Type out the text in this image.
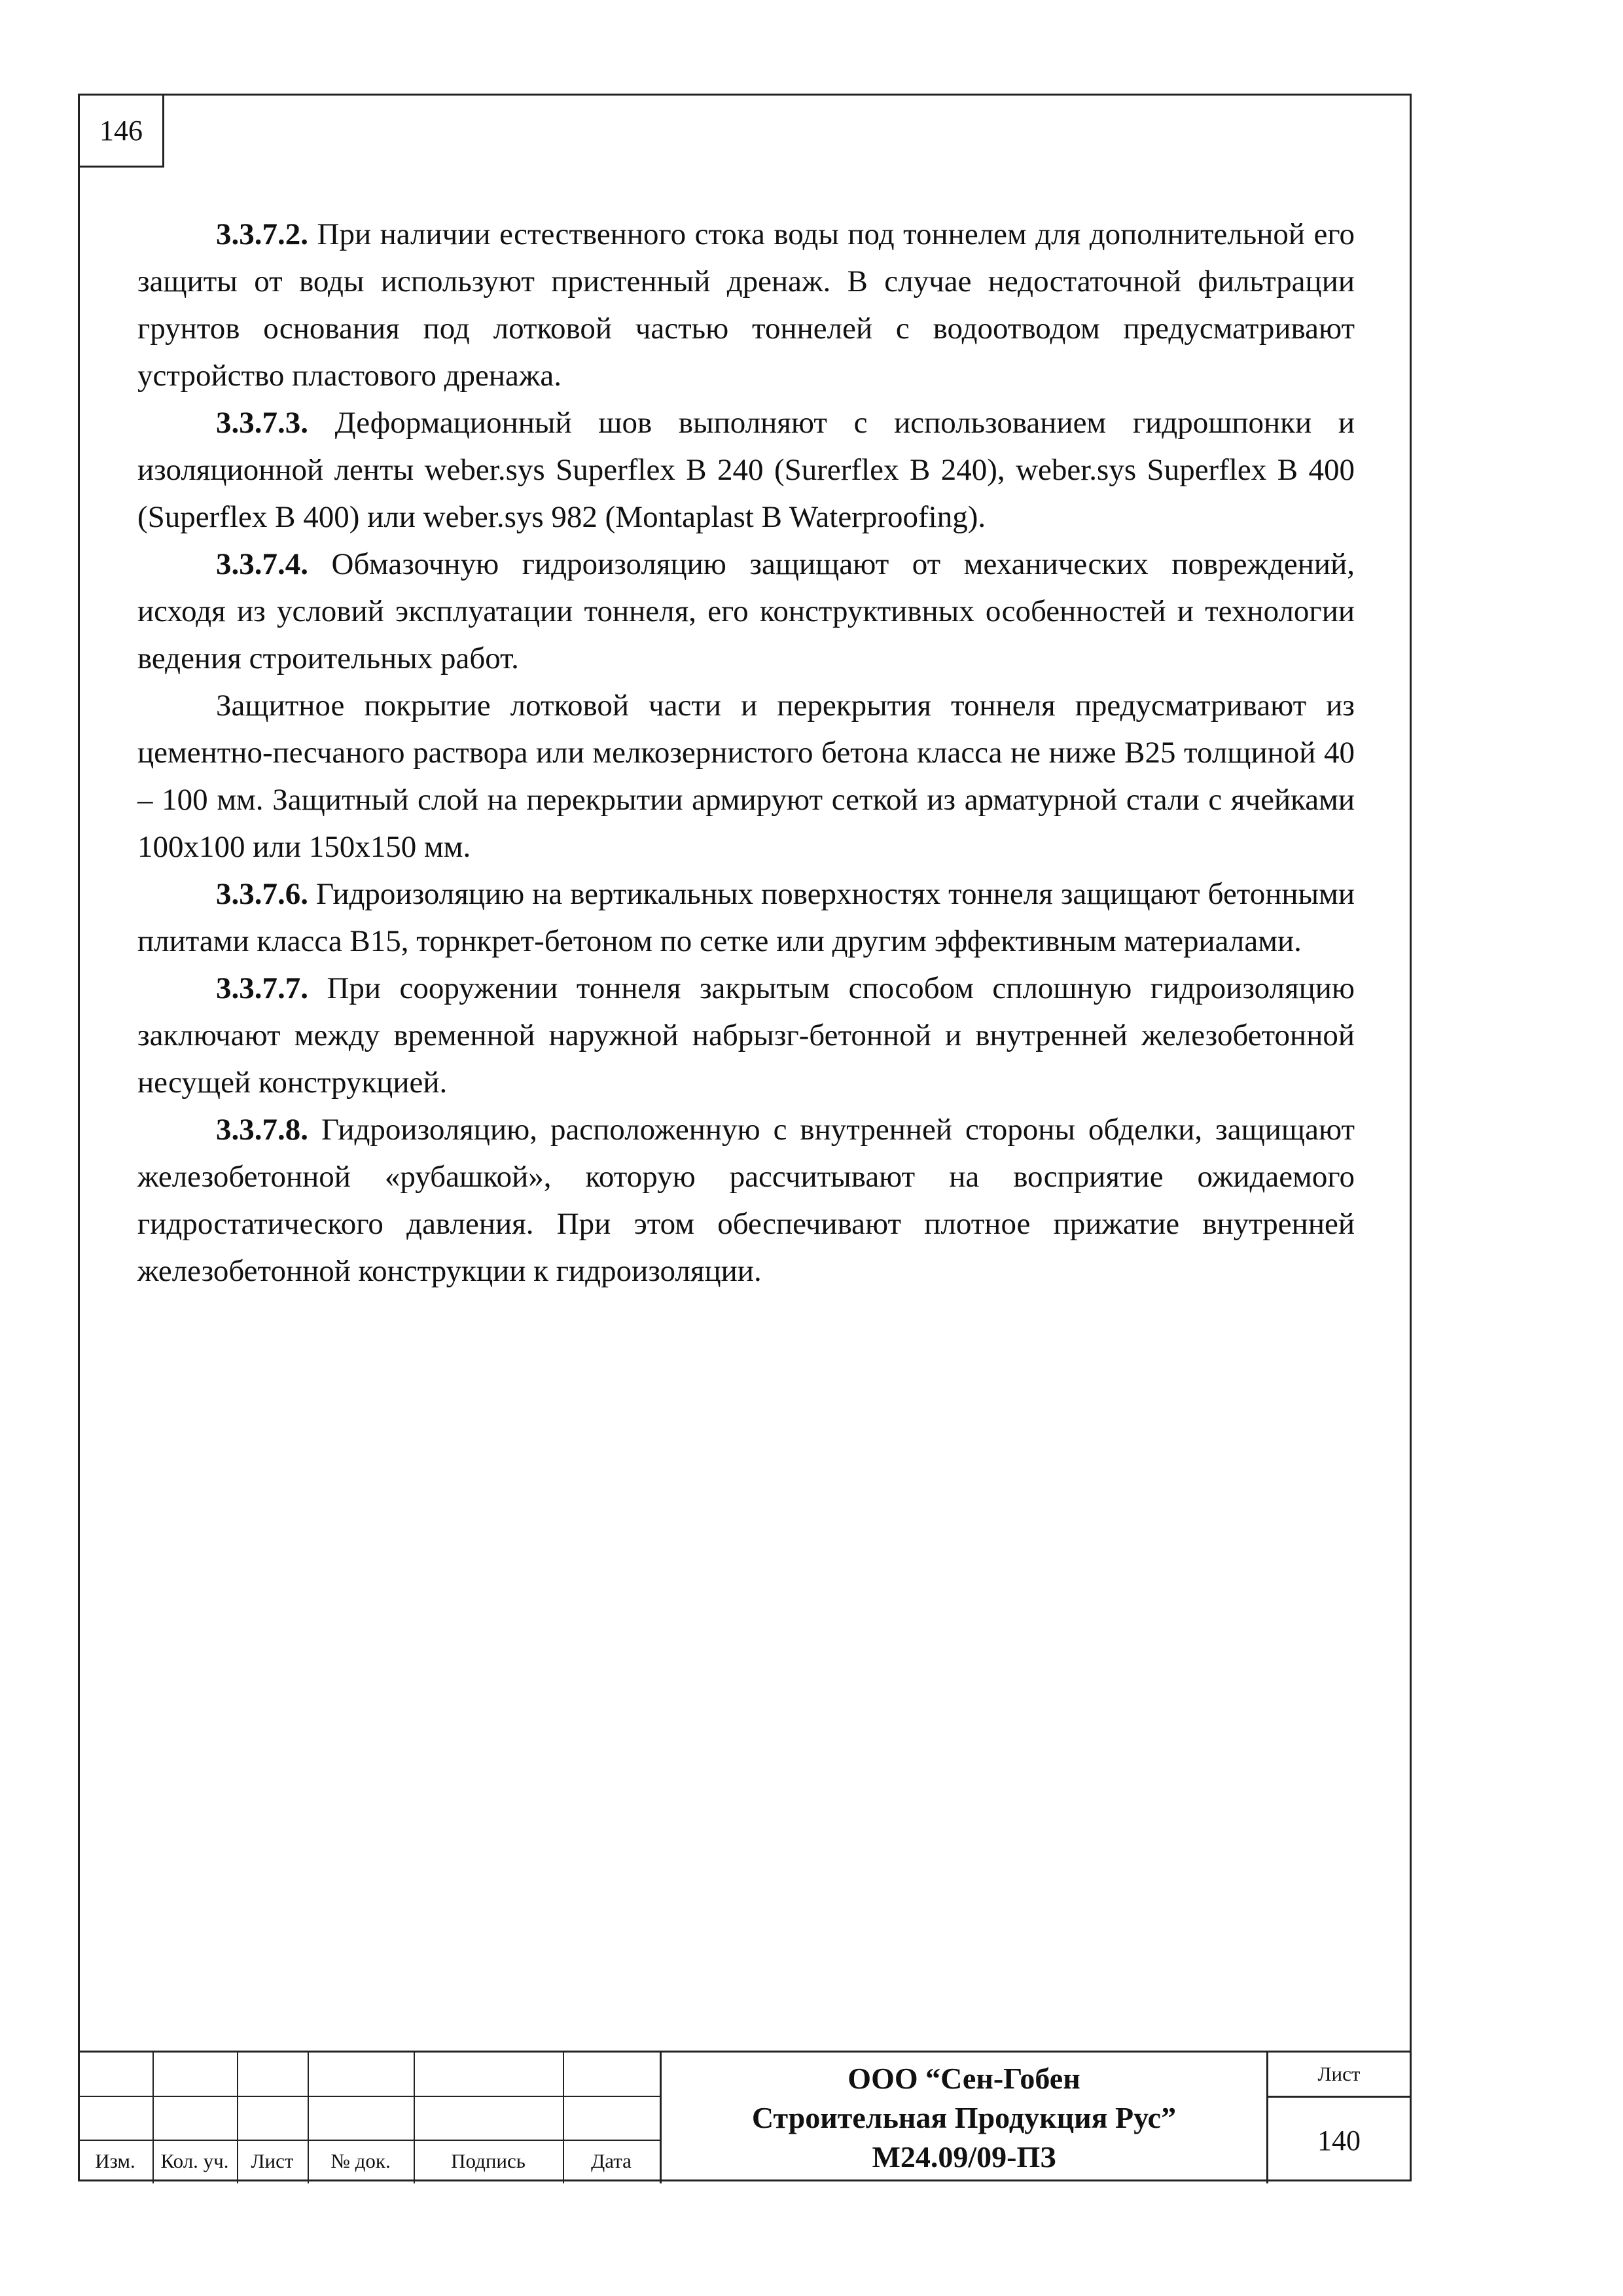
146

3.3.7.2. При наличии естественного стока воды под тоннелем для дополнительной его защиты от воды используют пристенный дренаж. В случае недостаточной фильтрации грунтов основания под лотковой частью тоннелей с водоотводом предусматривают устройство пластового дренажа.

3.3.7.3. Деформационный шов выполняют с использованием гидрошпонки и изоляционной ленты weber.sys Superflex B 240 (Surerflex B 240), weber.sys Superflex B 400 (Superflex B 400) или weber.sys 982 (Montaplast B Waterproofing).

3.3.7.4. Обмазочную гидроизоляцию защищают от механических повреждений, исходя из условий эксплуатации тоннеля, его конструктивных особенностей и технологии ведения строительных работ.

Защитное покрытие лотковой части и перекрытия тоннеля предусматривают из цементно-песчаного раствора или мелкозернистого бетона класса не ниже В25 толщиной 40 – 100 мм. Защитный слой на перекрытии армируют сеткой из арматурной стали с ячейками 100х100 или 150х150 мм.

3.3.7.6. Гидроизоляцию на вертикальных поверхностях тоннеля защищают бетонными плитами класса В15, торнкрет-бетоном по сетке или другим эффективным материалами.

3.3.7.7. При сооружении тоннеля закрытым способом сплошную гидроизоляцию заключают между временной наружной набрызг-бетонной и внутренней железобетонной несущей конструкцией.

3.3.7.8. Гидроизоляцию, расположенную с внутренней стороны обделки, защищают железобетонной «рубашкой», которую рассчитывают на восприятие ожидаемого гидростатического давления. При этом обеспечивают плотное прижатие внутренней железобетонной конструкции к гидроизоляции.

Изм.	Кол. уч.	Лист	№ док.	Подпись	Дата
ООО “Сен-Гобен
Строительная Продукция Рус”
М24.09/09-ПЗ
Лист
140
